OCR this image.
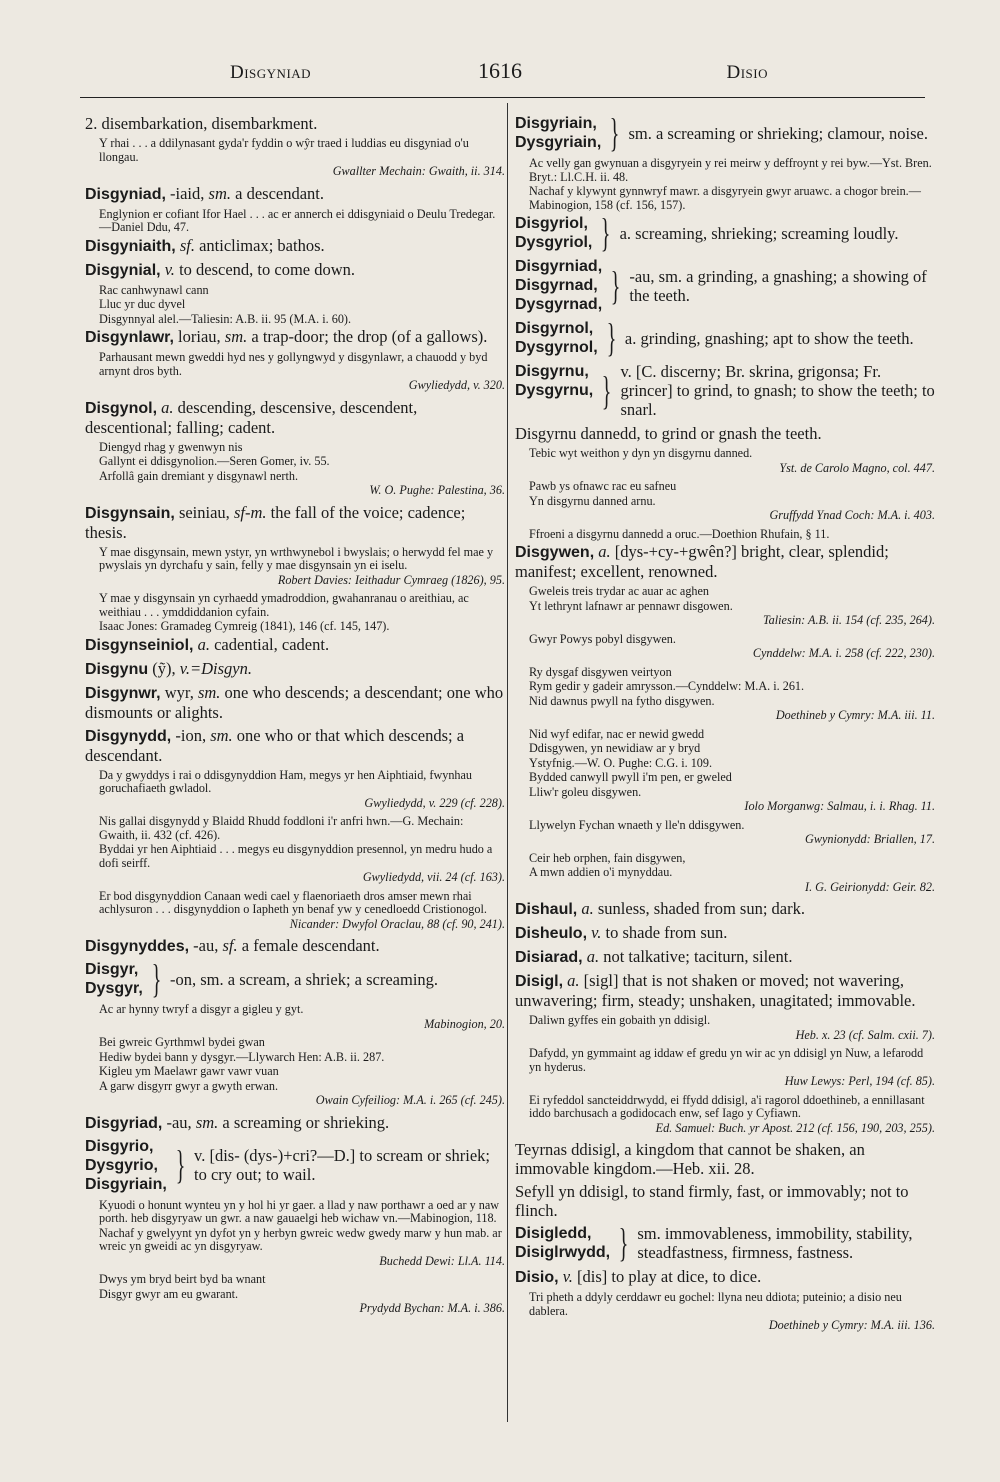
Disgyniad	1616	Disio
2. disembarkation, disembarkment.
Y rhai . . . a ddilynasant gyda'r fyddin o wŷr traed i luddias eu disgyniad o'u llongau.
Gwallter Mechain: Gwaith, ii. 314.
Disgyniad, -iaid, sm. a descendant.
Englynion er cofiant Ifor Hael . . . ac er annerch ei ddisgyniaid o Deulu Tredegar.—Daniel Ddu, 47.
Disgyniaith, sf. anticlimax; bathos.
Disgynial, v. to descend, to come down.
Rac canhwynawl cann
Lluc yr duc dyvel
Disgynnyal alel.—Taliesin: A.B. ii. 95 (M.A. i. 60).
Disgynlawr, loriau, sm. a trap-door; the drop (of a gallows).
Parhausant mewn gweddi hyd nes y gollyngwyd y disgynlawr, a chauodd y byd arnynt dros byth.
Gwyliedydd, v. 320.
Disgynol, a. descending, descensive, descendent, descentional; falling; cadent.
Diengyd rhag y gwenwyn nis
Gallynt ei ddisgynolion.—Seren Gomer, iv. 55.
Arfollâ gain dremiant y disgynawl nerth.
W. O. Pughe: Palestina, 36.
Disgynsain, seiniau, sf-m. the fall of the voice; cadence; thesis.
Y mae disgynsain, mewn ystyr, yn wrthwynebol i bwyslais; o herwydd fel mae y pwyslais yn dyrchafu y sain, felly y mae disgynsain yn ei iselu.
Robert Davies: Ieithadur Cymraeg (1826), 95.
Y mae y disgynsain yn cyrhaedd ymadroddion, gwahanranau o areithiau, ac weithiau . . . ymddiddanion cyfain.
Isaac Jones: Gramadeg Cymreig (1841), 146 (cf. 145, 147).
Disgynseiniol, a. cadential, cadent.
Disgynu (ỹ), v.=Disgyn.
Disgynwr, wyr, sm. one who descends; a descendant; one who dismounts or alights.
Disgynydd, -ion, sm. one who or that which descends; a descendant.
Da y gwyddys i rai o ddisgynyddion Ham, megys yr hen Aiphtiaid, fwynhau goruchafiaeth gwladol.
Gwyliedydd, v. 229 (cf. 228).
Nis gallai disgynydd y Blaidd Rhudd foddloni i'r anfri hwn.—G. Mechain: Gwaith, ii. 432 (cf. 426).
Byddai yr hen Aiphtiaid . . . megys eu disgynyddion presennol, yn medru hudo a dofi seirff.
Gwyliedydd, vii. 24 (cf. 163).
Er bod disgynyddion Canaan wedi cael y flaenoriaeth dros amser mewn rhai achlysuron . . . disgynyddion o Iapheth yn benaf yw y cenedloedd Cristionogol.
Nicander: Dwyfol Oraclau, 88 (cf. 90, 241).
Disgynyddes, -au, sf. a female descendant.
Disgyr,
Dysgyr, } -on, sm. a scream, a shriek; a screaming.
Ac ar hynny twryf a disgyr a gigleu y gyt.
Mabinogion, 20.
Bei gwreic Gyrthmwl bydei gwan
Hediw bydei bann y dysgyr.—Llywarch Hen: A.B. ii. 287.
Kigleu ym Maelawr gawr vawr vuan
A garw disgyrr gwyr a gwyth erwan.
Owain Cyfeiliog: M.A. i. 265 (cf. 245).
Disgyriad, -au, sm. a screaming or shrieking.
Disgyrio,
Dysgyrio,
Disgyriain, } v. [dis- (dys-)+cri?—D.] to scream or shriek; to cry out; to wail.
Kyuodi o honunt wynteu yn y hol hi yr gaer. a llad y naw porthawr a oed ar y naw porth. heb disgyryaw un gwr. a naw gauaelgi heb wichaw vn.—Mabinogion, 118.
Nachaf y gwelyynt yn dyfot yn y herbyn gwreic wedw gwedy marw y hun mab. ar wreic yn gweidi ac yn disgyryaw.
Buchedd Dewi: Ll.A. 114.
Dwys ym bryd beirt byd ba wnant
Disgyr gwyr am eu gwarant.
Prydydd Bychan: M.A. i. 386.
Disgyriain,
Dysgyriain, } sm. a screaming or shrieking; clamour, noise.
Ac velly gan gwynuan a disgyryein y rei meirw y deffroynt y rei byw.—Yst. Bren. Bryt.: Ll.C.H. ii. 48.
Nachaf y klywynt gynnwryf mawr. a disgyryein gwyr aruawc. a chogor brein.—Mabinogion, 158 (cf. 156, 157).
Disgyriol,
Dysgyriol, } a. screaming, shrieking; screaming loudly.
Disgyrniad,
Disgyrnad,
Dysgyrnad, } -au, sm. a grinding, a gnashing; a showing of the teeth.
Disgyrnol,
Dysgyrnol, } a. grinding, gnashing; apt to show the teeth.
Disgyrnu,
Dysgyrnu, } v. [C. discerny; Br. skrina, grigonsa; Fr. grincer] to grind, to gnash; to show the teeth; to snarl.
Disgyrnu dannedd, to grind or gnash the teeth.
Tebic wyt weithon y dyn yn disgyrnu danned.
Yst. de Carolo Magno, col. 447.
Pawb ys ofnawc rac eu safneu
Yn disgyrnu danned arnu.
Gruffydd Ynad Coch: M.A. i. 403.
Ffroeni a disgyrnu dannedd a oruc.—Doethion Rhufain, § 11.
Disgywen, a. [dys-+cy-+gwên?] bright, clear, splendid; manifest; excellent, renowned.
Gweleis treis trydar ac auar ac aghen
Yt lethrynt lafnawr ar pennawr disgowen.
Taliesin: A.B. ii. 154 (cf. 235, 264).
Gwyr Powys pobyl disgywen.
Cynddelw: M.A. i. 258 (cf. 222, 230).
Ry dysgaf disgywen veirtyon
Rym gedir y gadeir amrysson.—Cynddelw: M.A. i. 261.
Nid dawnus pwyll na fytho disgywen.
Doethineb y Cymry: M.A. iii. 11.
Nid wyf edifar, nac er newid gwedd
Ddisgywen, yn newidiaw ar y bryd
Ystyfnig.—W. O. Pughe: C.G. i. 109.
Bydded canwyll pwyll i'm pen, er gweled
Lliw'r goleu disgywen.
Iolo Morganwg: Salmau, i. i. Rhag. 11.
Llywelyn Fychan wnaeth y lle'n ddisgywen.
Gwynionydd: Briallen, 17.
Ceir heb orphen, fain disgywen,
A mwn addien o'i mynyddau.
I. G. Geirionydd: Geir. 82.
Dishaul, a. sunless, shaded from sun; dark.
Disheulo, v. to shade from sun.
Disiarad, a. not talkative; taciturn, silent.
Disigl, a. [sigl] that is not shaken or moved; not wavering, unwavering; firm, steady; unshaken, unagitated; immovable.
Daliwn gyffes ein gobaith yn ddisigl.
Heb. x. 23 (cf. Salm. cxii. 7).
Dafydd, yn gymmaint ag iddaw ef gredu yn wir ac yn ddisigl yn Nuw, a lefarodd yn hyderus.
Huw Lewys: Perl, 194 (cf. 85).
Ei ryfeddol sancteiddrwydd, ei ffydd ddisigl, a'i ragorol ddoethineb, a ennillasant iddo barchusach a godidocach enw, sef Iago y Cyfiawn.
Ed. Samuel: Buch. yr Apost. 212 (cf. 156, 190, 203, 255).
Teyrnas ddisigl, a kingdom that cannot be shaken, an immovable kingdom.—Heb. xii. 28.
Sefyll yn ddisigl, to stand firmly, fast, or immovably; not to flinch.
Disigledd,
Disiglrwydd, } sm. immovableness, immobility, stability, steadfastness, firmness, fastness.
Disio, v. [dis] to play at dice, to dice.
Tri pheth a ddyly cerddawr eu gochel: llyna neu ddiota; puteinio; a disio neu dablera.
Doethineb y Cymry: M.A. iii. 136.
